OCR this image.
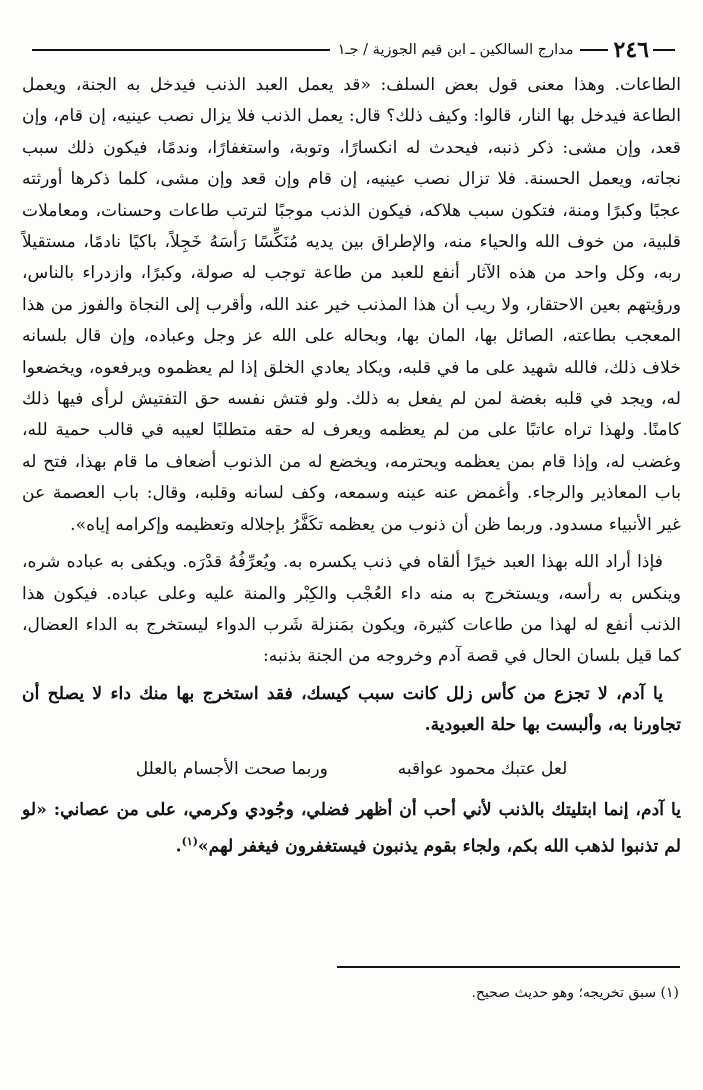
٢٤٦
مدارج السالكين ـ ابن قيم الجوزية / جـ١

الطاعات. وهذا معنى قول بعض السلف: «قد يعمل العبد الذنب فيدخل به الجنة، ويعمل الطاعة فيدخل بها النار، قالوا: وكيف ذلك؟ قال: يعمل الذنب فلا يزال نصب عينيه، إن قام، وإن قعد، وإن مشى: ذكر ذنبه، فيحدث له انكسارًا، وتوبة، واستغفارًا، وندمًا، فيكون ذلك سبب نجاته، ويعمل الحسنة. فلا تزال نصب عينيه، إن قام وإن قعد وإن مشى، كلما ذكرها أورثته عجبًا وكبرًا ومنة، فتكون سبب هلاكه، فيكون الذنب موجبًا لترتب طاعات وحسنات، ومعاملات قلبية، من خوف الله والحياء منه، والإطراق بين يديه مُنَكِّسًا رَأسَهُ خَجِلاً، باكيًا نادمًا، مستقيلاً ربه، وكل واحد من هذه الآثار أنفع للعبد من طاعة توجب له صولة، وكبرًا، وازدراء بالناس، ورؤيتهم بعين الاحتقار، ولا ريب أن هذا المذنب خير عند الله، وأقرب إلى النجاة والفوز من هذا المعجب بطاعته، الصائل بها، المان بها، وبحاله على الله عز وجل وعباده، وإن قال بلسانه خلاف ذلك، فالله شهيد على ما في قلبه، ويكاد يعادي الخلق إذا لم يعظموه ويرفعوه، ويخضعوا له، ويجد في قلبه بغضة لمن لم يفعل به ذلك. ولو فتش نفسه حق التفتيش لرأى فيها ذلك كامنًا. ولهذا تراه عاتبًا على من لم يعظمه ويعرف له حقه متطلبًا لعيبه في قالب حمية لله، وغضب له، وإذا قام بمن يعظمه ويحترمه، ويخضع له من الذنوب أضعاف ما قام بهذا، فتح له باب المعاذير والرجاء. وأغمض عنه عينه وسمعه، وكف لسانه وقلبه، وقال: باب العصمة عن غير الأنبياء مسدود. وربما ظن أن ذنوب من يعظمه تكَفَّرُ بإجلاله وتعظيمه وإكرامه إياه».

فإذا أراد الله بهذا العبد خيرًا ألقاه في ذنب يكسره به. ويُعرِّفُهُ قدْرَه. ويكفى به عباده شره، وينكس به رأسه، ويستخرج به منه داء العُجْب والكِبْر والمنة عليه وعلى عباده. فيكون هذا الذنب أنفع له لهذا من طاعات كثيرة، ويكون بمَنزلة شَرب الدواء ليستخرج به الداء العضال، كما قيل بلسان الحال في قصة آدم وخروجه من الجنة بذنبه:

يا آدم، لا تجزع من كأس زلل كانت سبب كيسك، فقد استخرج بها منك داء لا يصلح أن تجاورنا به، وألبست بها حلة العبودية.

لعل عتبك محمود عواقبه
وربما صحت الأجسام بالعلل

يا آدم، إنما ابتليتك بالذنب لأني أحب أن أظهر فضلي، وجُودي وكرمي، على من عصاني: «لو لم تذنبوا لذهب الله بكم، ولجاء بقوم يذنبون فيستغفرون فيغفر لهم»$^{(١)}$.

(١) سبق تخريجه؛ وهو حديث صحيح.
